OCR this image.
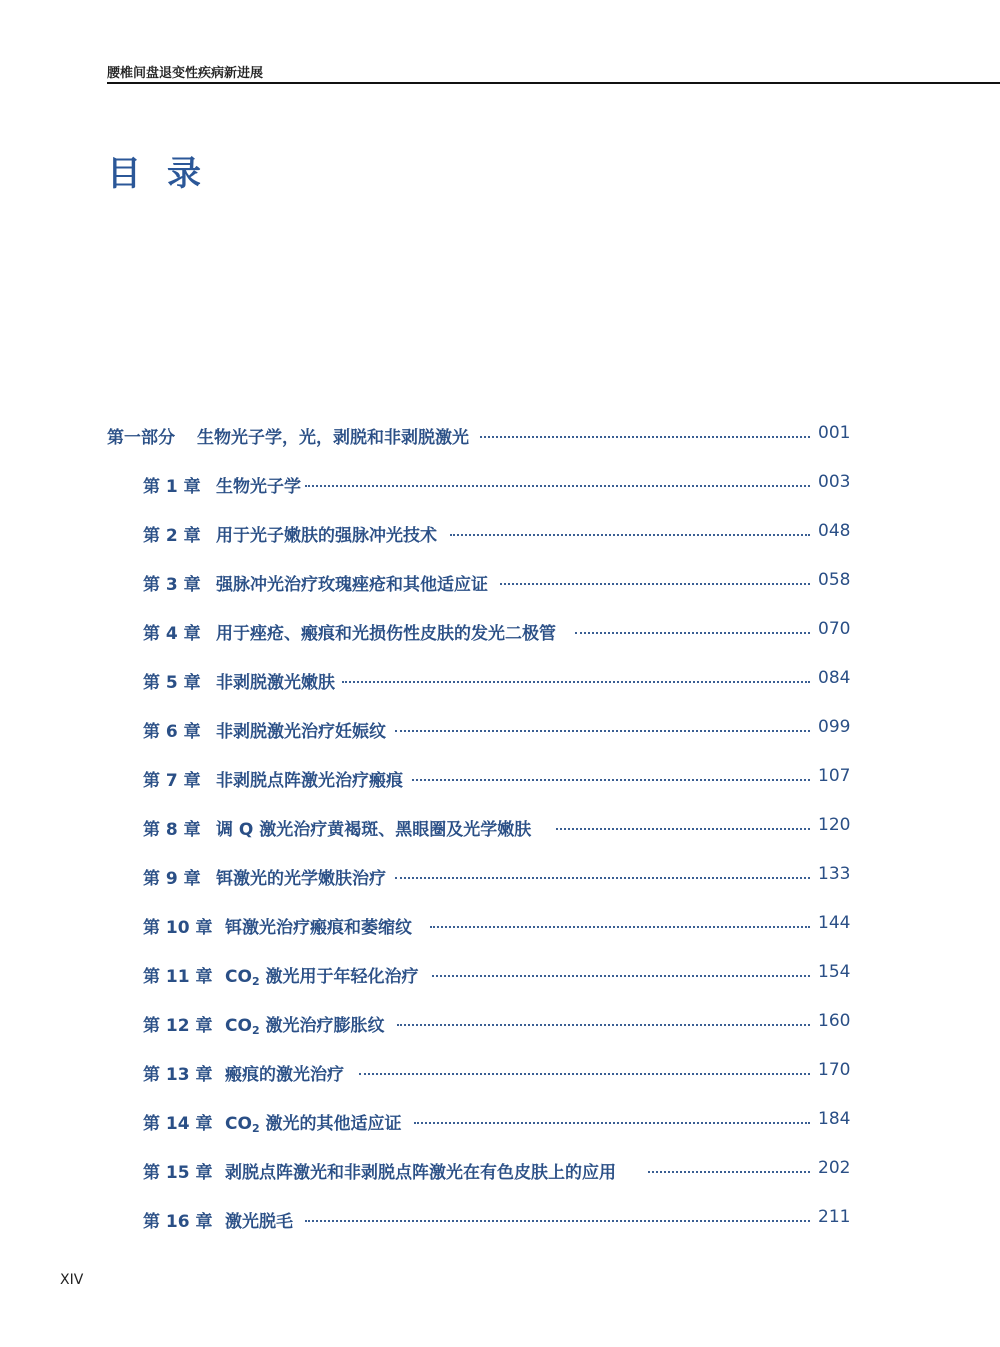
腰椎间盘退变性疾病新进展
目录
第一部分 生物光子学，光，剥脱和非剥脱激光	001
第 1 章 生物光子学	003
第 2 章 用于光子嫩肤的强脉冲光技术	048
第 3 章 强脉冲光治疗玫瑰痤疮和其他适应证	058
第 4 章 用于痤疮、瘢痕和光损伤性皮肤的发光二极管	070
第 5 章 非剥脱激光嫩肤	084
第 6 章 非剥脱激光治疗妊娠纹	099
第 7 章 非剥脱点阵激光治疗瘢痕	107
第 8 章 调 Q 激光治疗黄褐斑、黑眼圈及光学嫩肤	120
第 9 章 铒激光的光学嫩肤治疗	133
第 10 章 铒激光治疗瘢痕和萎缩纹	144
第 11 章 $CO_2$ 激光用于年轻化治疗	154
第 12 章 $CO_2$ 激光治疗膨胀纹	160
第 13 章 瘢痕的激光治疗	170
第 14 章 $CO_2$ 激光的其他适应证	184
第 15 章 剥脱点阵激光和非剥脱点阵激光在有色皮肤上的应用	202
第 16 章 激光脱毛	211
XIV
